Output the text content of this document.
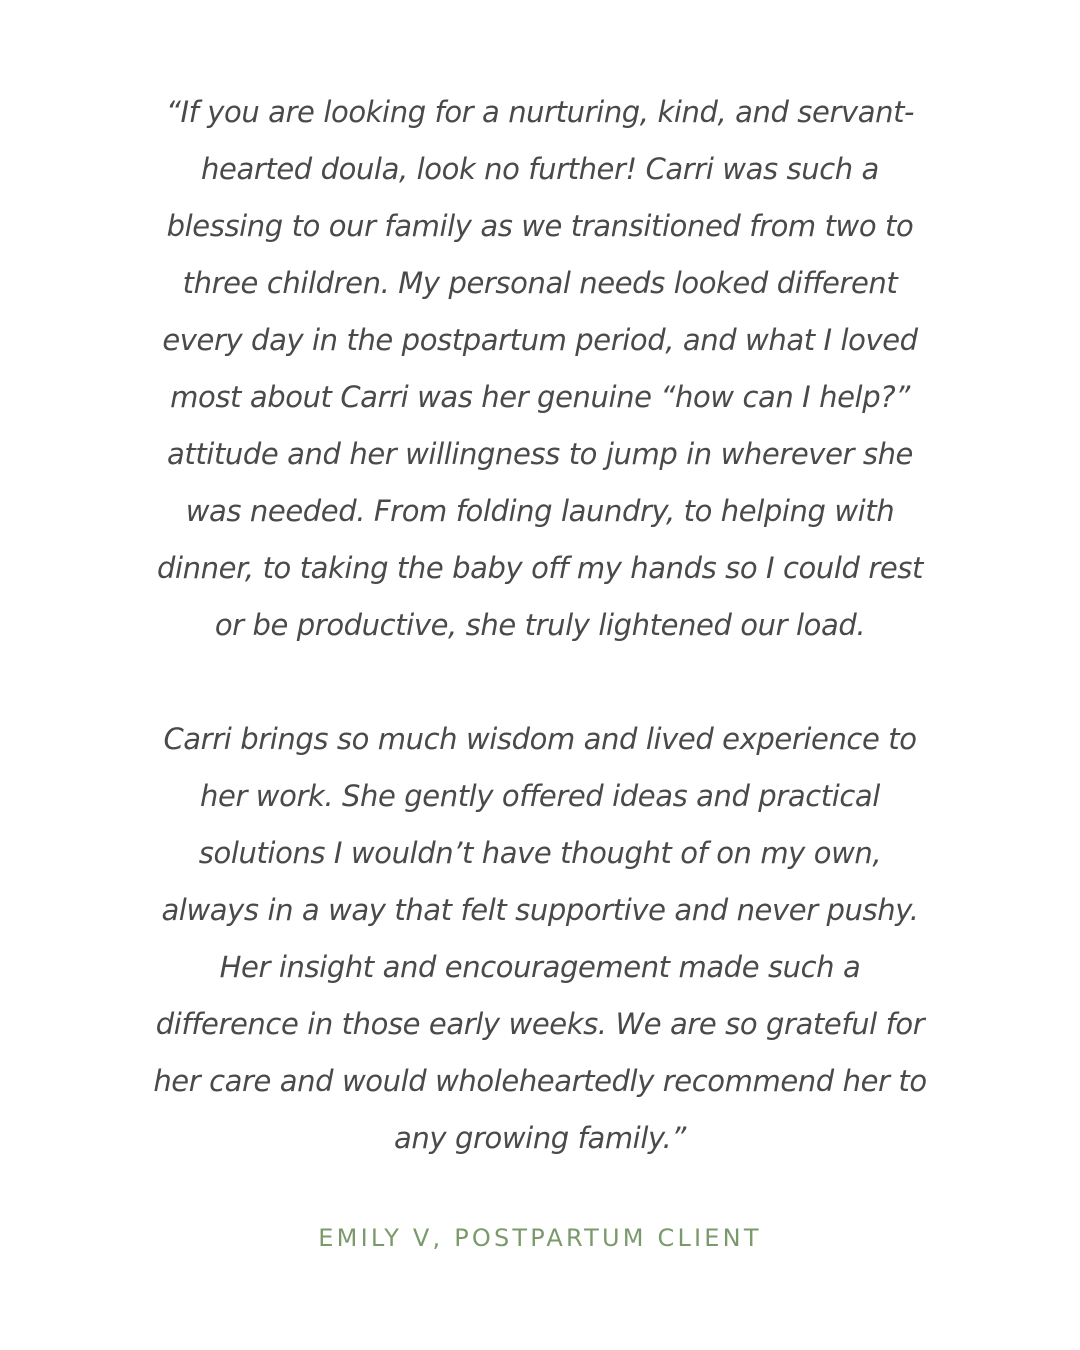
“If you are looking for a nurturing, kind, and servant-
hearted doula, look no further! Carri was such a
blessing to our family as we transitioned from two to
three children. My personal needs looked different
every day in the postpartum period, and what I loved
most about Carri was her genuine “how can I help?”
attitude and her willingness to jump in wherever she
was needed. From folding laundry, to helping with
dinner, to taking the baby off my hands so I could rest
or be productive, she truly lightened our load.

Carri brings so much wisdom and lived experience to
her work. She gently offered ideas and practical
solutions I wouldn’t have thought of on my own,
always in a way that felt supportive and never pushy.
Her insight and encouragement made such a
difference in those early weeks. We are so grateful for
her care and would wholeheartedly recommend her to
any growing family.”

EMILY V, POSTPARTUM CLIENT
